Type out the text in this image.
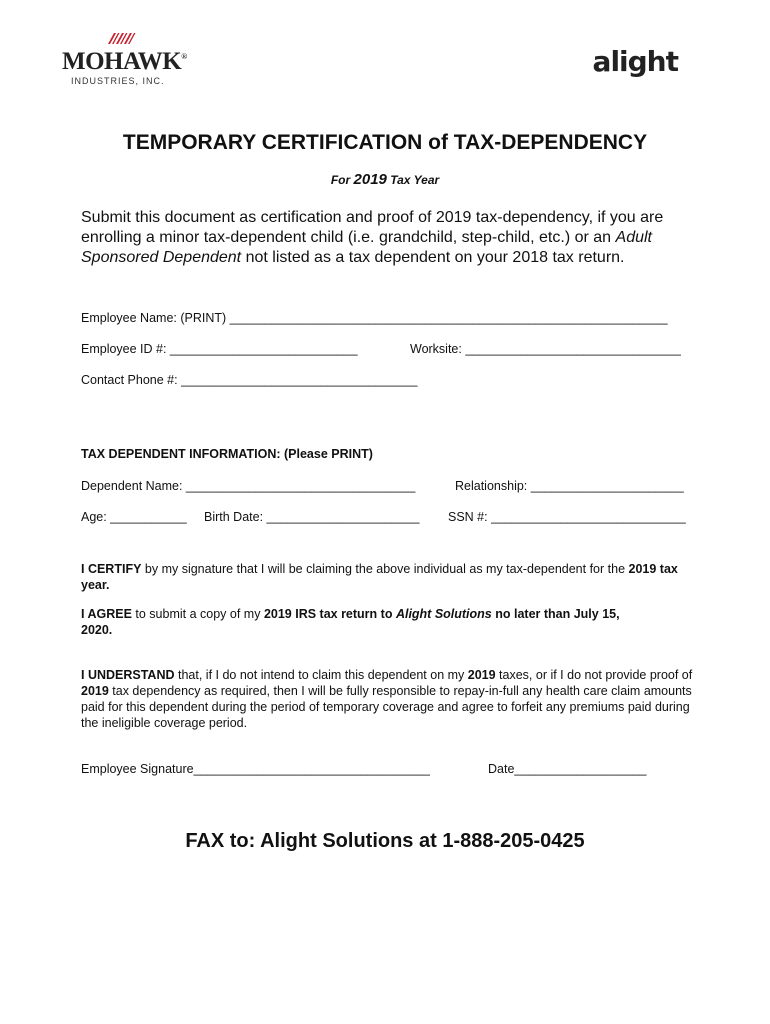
MOHAWK®
INDUSTRIES, INC.
alight
TEMPORARY CERTIFICATION of TAX-DEPENDENCY
For 2019 Tax Year
Submit this document as certification and proof of 2019 tax-dependency, if you are enrolling a minor tax-dependent child (i.e. grandchild, step-child, etc.) or an Adult Sponsored Dependent not listed as a tax dependent on your 2018 tax return.
Employee Name: (PRINT) _______________________________________________________________
Employee ID #: ___________________________	Worksite: _______________________________
Contact Phone #: __________________________________
TAX DEPENDENT INFORMATION: (Please PRINT)
Dependent Name: _________________________________	Relationship: ______________________
Age: ___________ Birth Date: ______________________ SSN #: ____________________________
I CERTIFY by my signature that I will be claiming the above individual as my tax-dependent for the 2019 tax year.
I AGREE to submit a copy of my 2019 IRS tax return to Alight Solutions no later than July 15, 2020.
I UNDERSTAND that, if I do not intend to claim this dependent on my 2019 taxes, or if I do not provide proof of 2019 tax dependency as required, then I will be fully responsible to repay-in-full any health care claim amounts paid for this dependent during the period of temporary coverage and agree to forfeit any premiums paid during the ineligible coverage period.
Employee Signature__________________________________	Date___________________
FAX to: Alight Solutions at 1-888-205-0425
